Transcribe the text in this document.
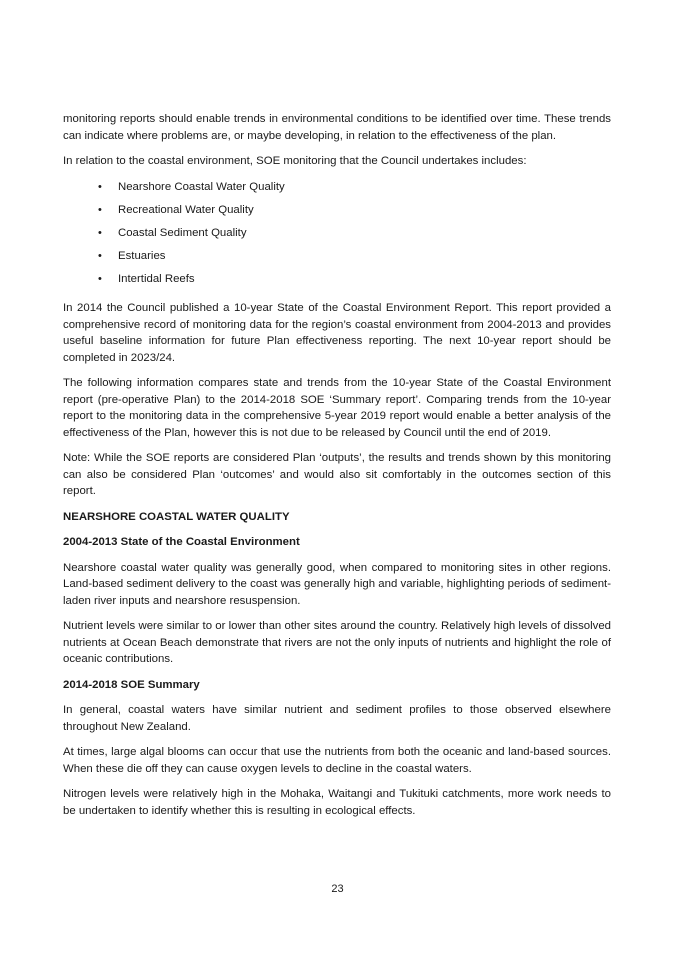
monitoring reports should enable trends in environmental conditions to be identified over time. These trends can indicate where problems are, or maybe developing, in relation to the effectiveness of the plan.

In relation to the coastal environment, SOE monitoring that the Council undertakes includes:

• Nearshore Coastal Water Quality
• Recreational Water Quality
• Coastal Sediment Quality
• Estuaries
• Intertidal Reefs

In 2014 the Council published a 10-year State of the Coastal Environment Report. This report provided a comprehensive record of monitoring data for the region’s coastal environment from 2004-2013 and provides useful baseline information for future Plan effectiveness reporting. The next 10-year report should be completed in 2023/24.

The following information compares state and trends from the 10-year State of the Coastal Environment report (pre-operative Plan) to the 2014-2018 SOE ‘Summary report’. Comparing trends from the 10-year report to the monitoring data in the comprehensive 5-year 2019 report would enable a better analysis of the effectiveness of the Plan, however this is not due to be released by Council until the end of 2019.

Note: While the SOE reports are considered Plan ‘outputs’, the results and trends shown by this monitoring can also be considered Plan ‘outcomes’ and would also sit comfortably in the outcomes section of this report.

NEARSHORE COASTAL WATER QUALITY
2004-2013 State of the Coastal Environment

Nearshore coastal water quality was generally good, when compared to monitoring sites in other regions. Land-based sediment delivery to the coast was generally high and variable, highlighting periods of sediment-laden river inputs and nearshore resuspension.

Nutrient levels were similar to or lower than other sites around the country. Relatively high levels of dissolved nutrients at Ocean Beach demonstrate that rivers are not the only inputs of nutrients and highlight the role of oceanic contributions.

2014-2018 SOE Summary

In general, coastal waters have similar nutrient and sediment profiles to those observed elsewhere throughout New Zealand.

At times, large algal blooms can occur that use the nutrients from both the oceanic and land-based sources. When these die off they can cause oxygen levels to decline in the coastal waters.

Nitrogen levels were relatively high in the Mohaka, Waitangi and Tukituki catchments, more work needs to be undertaken to identify whether this is resulting in ecological effects.

23
